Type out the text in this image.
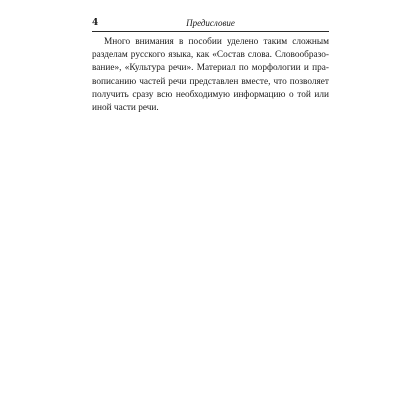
4	Предисловие

Много внимания в пособии уделено таким сложным
разделам русского языка, как «Состав слова. Словообразо-
вание», «Культура речи». Материал по морфологии и пра-
вописанию частей речи представлен вместе, что позволяет
получить сразу всю необходимую информацию о той или
иной части речи.
